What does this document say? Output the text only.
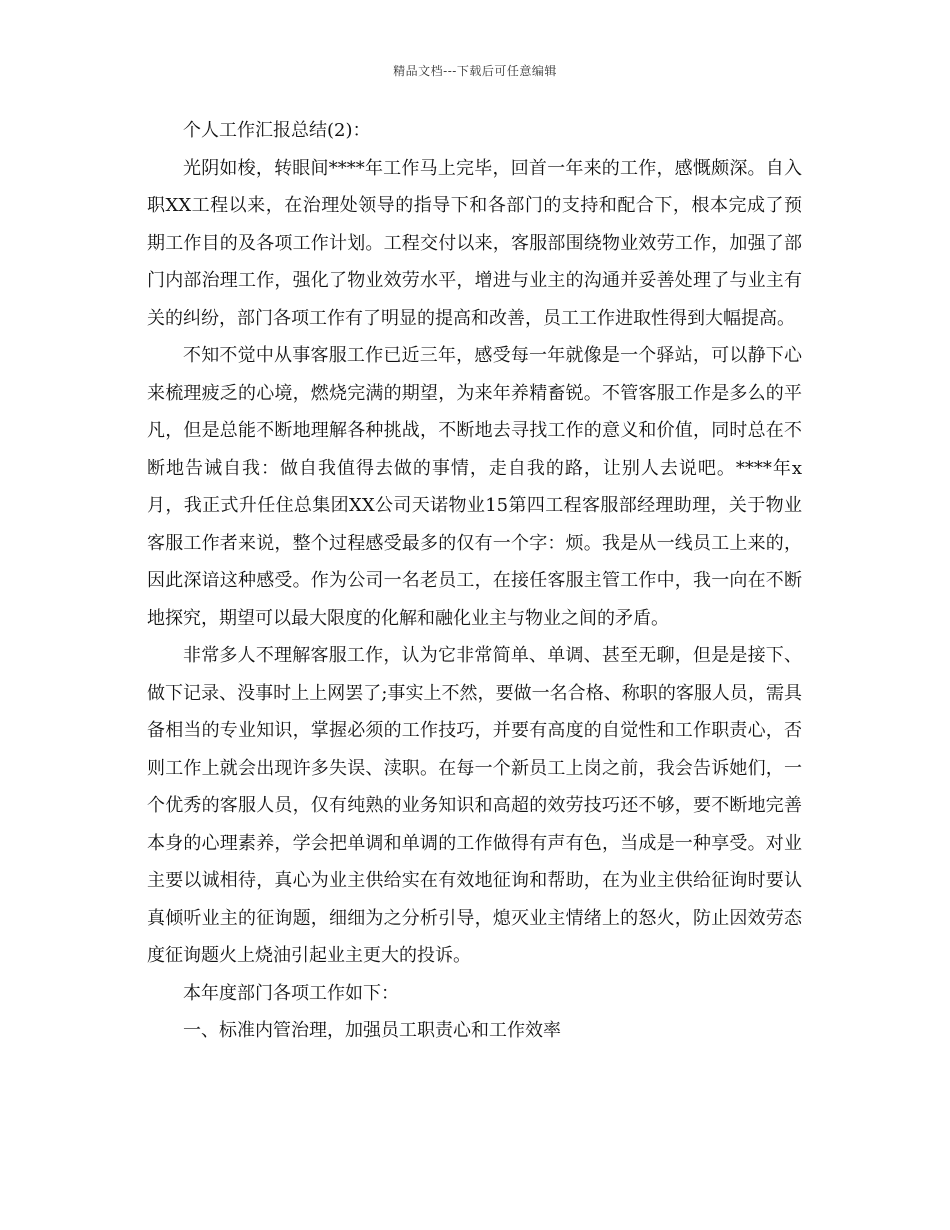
精品文档---下载后可任意编辑

个人工作汇报总结(2)：

光阴如梭，转眼间****年工作马上完毕，回首一年来的工作，感慨颇深。自入职XX工程以来，在治理处领导的指导下和各部门的支持和配合下，根本完成了预期工作目的及各项工作计划。工程交付以来，客服部围绕物业效劳工作，加强了部门内部治理工作，强化了物业效劳水平，增进与业主的沟通并妥善处理了与业主有关的纠纷，部门各项工作有了明显的提高和改善，员工工作进取性得到大幅提高。

不知不觉中从事客服工作已近三年，感受每一年就像是一个驿站，可以静下心来梳理疲乏的心境，燃烧完满的期望，为来年养精畜锐。不管客服工作是多么的平凡，但是总能不断地理解各种挑战，不断地去寻找工作的意义和价值，同时总在不断地告诫自我：做自我值得去做的事情，走自我的路，让别人去说吧。****年x月，我正式升任住总集团XX公司天诺物业15第四工程客服部经理助理，关于物业客服工作者来说，整个过程感受最多的仅有一个字：烦。我是从一线员工上来的，因此深谙这种感受。作为公司一名老员工，在接任客服主管工作中，我一向在不断地探究，期望可以最大限度的化解和融化业主与物业之间的矛盾。

非常多人不理解客服工作，认为它非常简单、单调、甚至无聊，但是是接下、做下记录、没事时上上网罢了;事实上不然，要做一名合格、称职的客服人员，需具备相当的专业知识，掌握必须的工作技巧，并要有高度的自觉性和工作职责心，否则工作上就会出现许多失误、渎职。在每一个新员工上岗之前，我会告诉她们，一个优秀的客服人员，仅有纯熟的业务知识和高超的效劳技巧还不够，要不断地完善本身的心理素养，学会把单调和单调的工作做得有声有色，当成是一种享受。对业主要以诚相待，真心为业主供给实在有效地征询和帮助，在为业主供给征询时要认真倾听业主的征询题，细细为之分析引导，熄灭业主情绪上的怒火，防止因效劳态度征询题火上烧油引起业主更大的投诉。

本年度部门各项工作如下：

一、标准内管治理，加强员工职责心和工作效率
